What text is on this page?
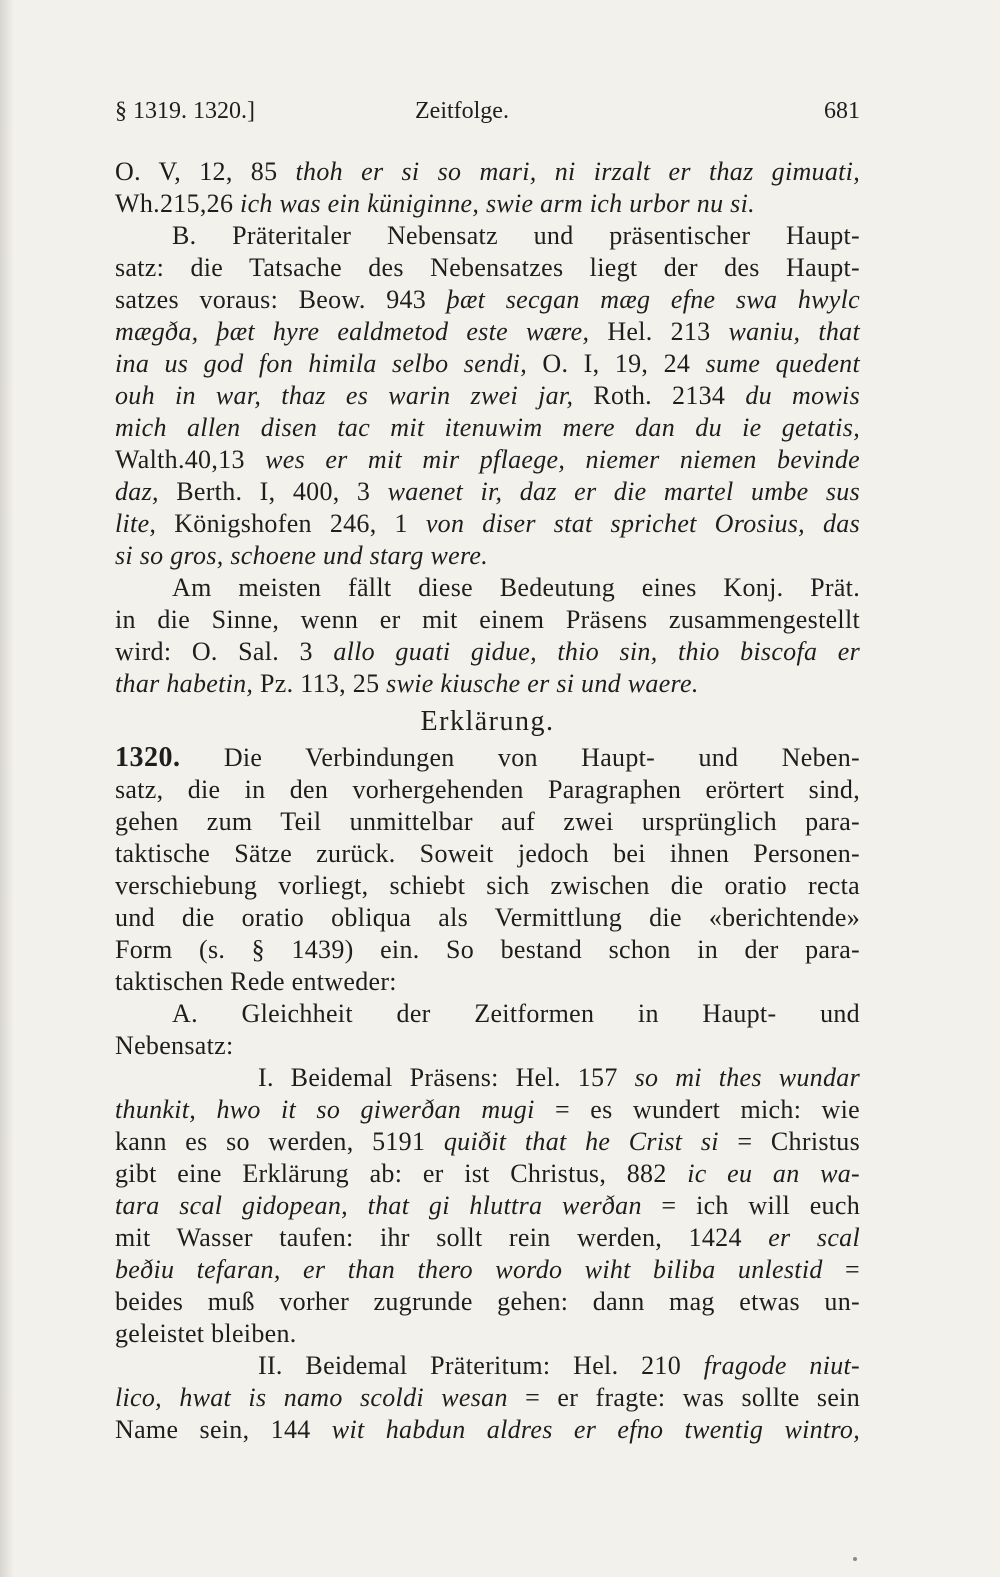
§ 1319. 1320.]	Zeitfolge.	681
O. V, 12, 85 thoh er si so mari, ni irzalt er thaz gimuati,
Wh.215,26 ich was ein küniginne, swie arm ich urbor nu si.
B. Präteritaler Nebensatz und präsentischer Haupt-
satz: die Tatsache des Nebensatzes liegt der des Haupt-
satzes voraus: Beow. 943 þæt secgan mæg efne swa hwylc
mægða, þæt hyre ealdmetod este wære, Hel. 213 waniu, that
ina us god fon himila selbo sendi, O. I, 19, 24 sume quedent
ouh in war, thaz es warin zwei jar, Roth. 2134 du mowis
mich allen disen tac mit itenuwim mere dan du ie getatis,
Walth.40,13 wes er mit mir pflaege, niemer niemen bevinde
daz, Berth. I, 400, 3 waenet ir, daz er die martel umbe sus
lite, Königshofen 246, 1 von diser stat sprichet Orosius, das
si so gros, schoene und starg were.
Am meisten fällt diese Bedeutung eines Konj. Prät.
in die Sinne, wenn er mit einem Präsens zusammengestellt
wird: O. Sal. 3 allo guati gidue, thio sin, thio biscofa er
thar habetin, Pz. 113, 25 swie kiusche er si und waere.
Erklärung.
1320. Die Verbindungen von Haupt- und Neben-
satz, die in den vorhergehenden Paragraphen erörtert sind,
gehen zum Teil unmittelbar auf zwei ursprünglich para-
taktische Sätze zurück. Soweit jedoch bei ihnen Personen-
verschiebung vorliegt, schiebt sich zwischen die oratio recta
und die oratio obliqua als Vermittlung die «berichtende»
Form (s. § 1439) ein. So bestand schon in der para-
taktischen Rede entweder:
A. Gleichheit der Zeitformen in Haupt- und
Nebensatz:
I. Beidemal Präsens: Hel. 157 so mi thes wundar
thunkit, hwo it so giwerðan mugi = es wundert mich: wie
kann es so werden, 5191 quiðit that he Crist si = Christus
gibt eine Erklärung ab: er ist Christus, 882 ic eu an wa-
tara scal gidopean, that gi hluttra werðan = ich will euch
mit Wasser taufen: ihr sollt rein werden, 1424 er scal
beðiu tefaran, er than thero wordo wiht biliba unlestid =
beides muß vorher zugrunde gehen: dann mag etwas un-
geleistet bleiben.
II. Beidemal Präteritum: Hel. 210 fragode niut-
lico, hwat is namo scoldi wesan = er fragte: was sollte sein
Name sein, 144 wit habdun aldres er efno twentig wintro,
